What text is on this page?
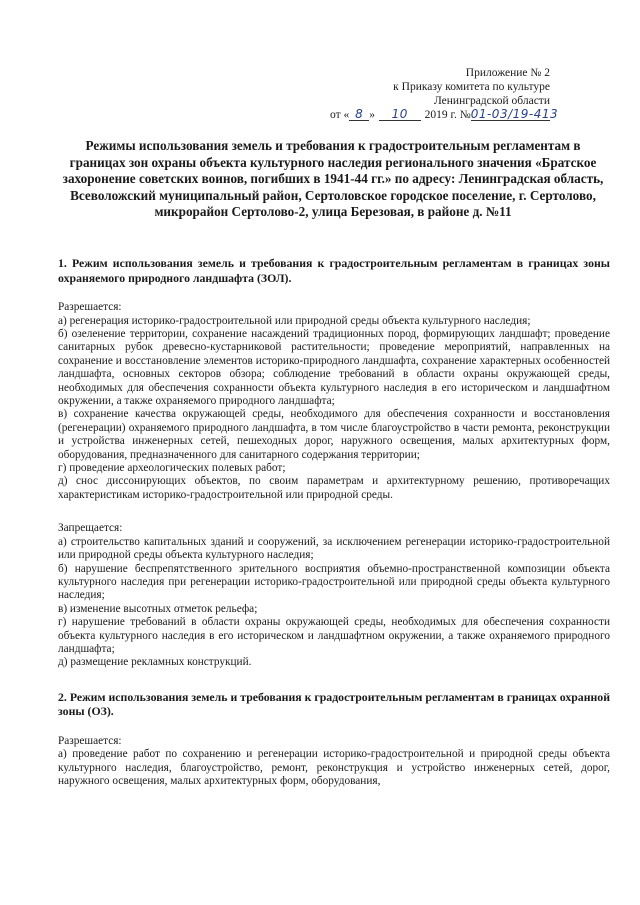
Приложение № 2
к Приказу комитета по культуре
Ленинградской области
от « 8 »	10	2019 г. № 01-03/19-413
Режимы использования земель и требования к градостроительным регламентам в границах зон охраны объекта культурного наследия регионального значения «Братское захоронение советских воинов, погибших в 1941-44 гг.» по адресу: Ленинградская область, Всеволожский муниципальный район, Сертоловское городское поселение, г. Сертолово, микрорайон Сертолово-2, улица Березовая, в районе д. №11

1. Режим использования земель и требования к градостроительным регламентам в границах зоны охраняемого природного ландшафта (ЗОЛ).

Разрешается:

а) регенерация историко-градостроительной или природной среды объекта культурного наследия;

б) озеленение территории, сохранение насаждений традиционных пород, формирующих ландшафт; проведение санитарных рубок древесно-кустарниковой растительности; проведение мероприятий, направленных на сохранение и восстановление элементов историко-природного ландшафта, сохранение характерных особенностей ландшафта, основных секторов обзора; соблюдение требований в области охраны окружающей среды, необходимых для обеспечения сохранности объекта культурного наследия в его историческом и ландшафтном окружении, а также охраняемого природного ландшафта;

в) сохранение качества окружающей среды, необходимого для обеспечения сохранности и восстановления (регенерации) охраняемого природного ландшафта, в том числе благоустройство в части ремонта, реконструкции и устройства инженерных сетей, пешеходных дорог, наружного освещения, малых архитектурных форм, оборудования, предназначенного для санитарного содержания территории;

г) проведение археологических полевых работ;

д) снос диссонирующих объектов, по своим параметрам и архитектурному решению, противоречащих характеристикам историко-градостроительной или природной среды.

Запрещается:

а) строительство капитальных зданий и сооружений, за исключением регенерации историко-градостроительной или природной среды объекта культурного наследия;

б) нарушение беспрепятственного зрительного восприятия объемно-пространственной композиции объекта культурного наследия при регенерации историко-градостроительной или природной среды объекта культурного наследия;

в) изменение высотных отметок рельефа;

г) нарушение требований в области охраны окружающей среды, необходимых для обеспечения сохранности объекта культурного наследия в его историческом и ландшафтном окружении, а также охраняемого природного ландшафта;

д) размещение рекламных конструкций.

2. Режим использования земель и требования к градостроительным регламентам в границах охранной зоны (ОЗ).

Разрешается:

а) проведение работ по сохранению и регенерации историко-градостроительной и природной среды объекта культурного наследия, благоустройство, ремонт, реконструкция и устройство инженерных сетей, дорог, наружного освещения, малых архитектурных форм, оборудования,
